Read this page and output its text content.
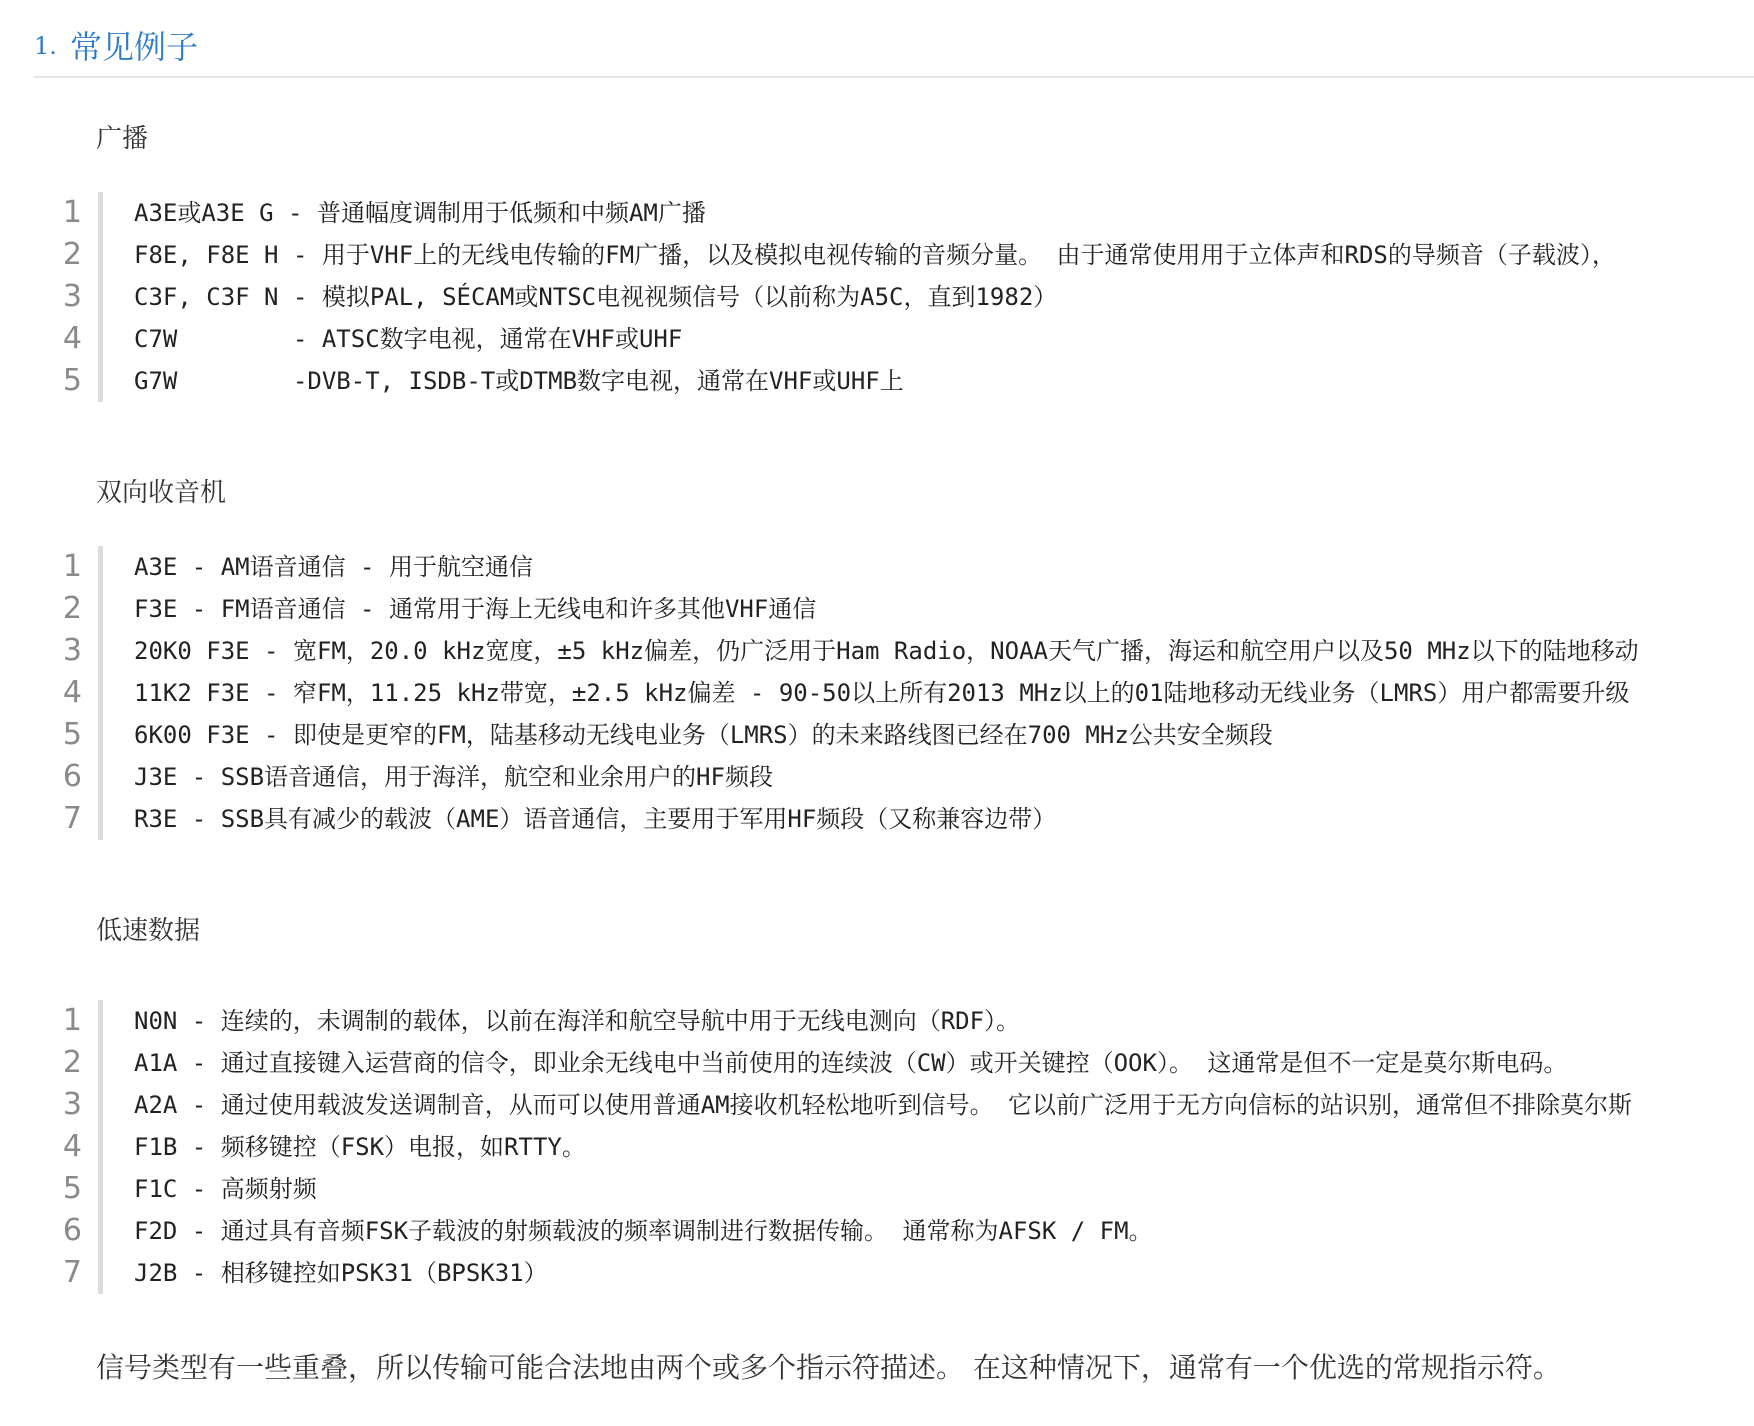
1. 常见例子
广播
1 A3E或A3E G - 普通幅度调制用于低频和中频AM广播
2 F8E, F8E H - 用于VHF上的无线电传输的FM广播，以及模拟电视传输的音频分量。 由于通常使用用于立体声和RDS的导频音（子载波），
3 C3F, C3F N - 模拟PAL, SÉCAM或NTSC电视视频信号（以前称为A5C，直到1982）
4 C7W        - ATSC数字电视，通常在VHF或UHF
5 G7W        -DVB-T, ISDB-T或DTMB数字电视，通常在VHF或UHF上
双向收音机
1 A3E - AM语音通信 - 用于航空通信
2 F3E - FM语音通信 - 通常用于海上无线电和许多其他VHF通信
3 20K0 F3E - 宽FM，20.0 kHz宽度，±5 kHz偏差，仍广泛用于Ham Radio，NOAA天气广播，海运和航空用户以及50 MHz以下的陆地移动
4 11K2 F3E - 窄FM，11.25 kHz带宽，±2.5 kHz偏差 - 90-50以上所有2013 MHz以上的01陆地移动无线业务（LMRS）用户都需要升级
5 6K00 F3E - 即使是更窄的FM，陆基移动无线电业务（LMRS）的未来路线图已经在700 MHz公共安全频段
6 J3E - SSB语音通信，用于海洋，航空和业余用户的HF频段
7 R3E - SSB具有减少的载波（AME）语音通信，主要用于军用HF频段（又称兼容边带）
低速数据
1 N0N - 连续的，未调制的载体，以前在海洋和航空导航中用于无线电测向（RDF）。
2 A1A - 通过直接键入运营商的信令，即业余无线电中当前使用的连续波（CW）或开关键控（OOK）。 这通常是但不一定是莫尔斯电码。
3 A2A - 通过使用载波发送调制音，从而可以使用普通AM接收机轻松地听到信号。 它以前广泛用于无方向信标的站识别，通常但不排除莫尔斯
4 F1B - 频移键控（FSK）电报，如RTTY。
5 F1C - 高频射频
6 F2D - 通过具有音频FSK子载波的射频载波的频率调制进行数据传输。 通常称为AFSK / FM。
7 J2B - 相移键控如PSK31（BPSK31）
信号类型有一些重叠，所以传输可能合法地由两个或多个指示符描述。 在这种情况下，通常有一个优选的常规指示符。
